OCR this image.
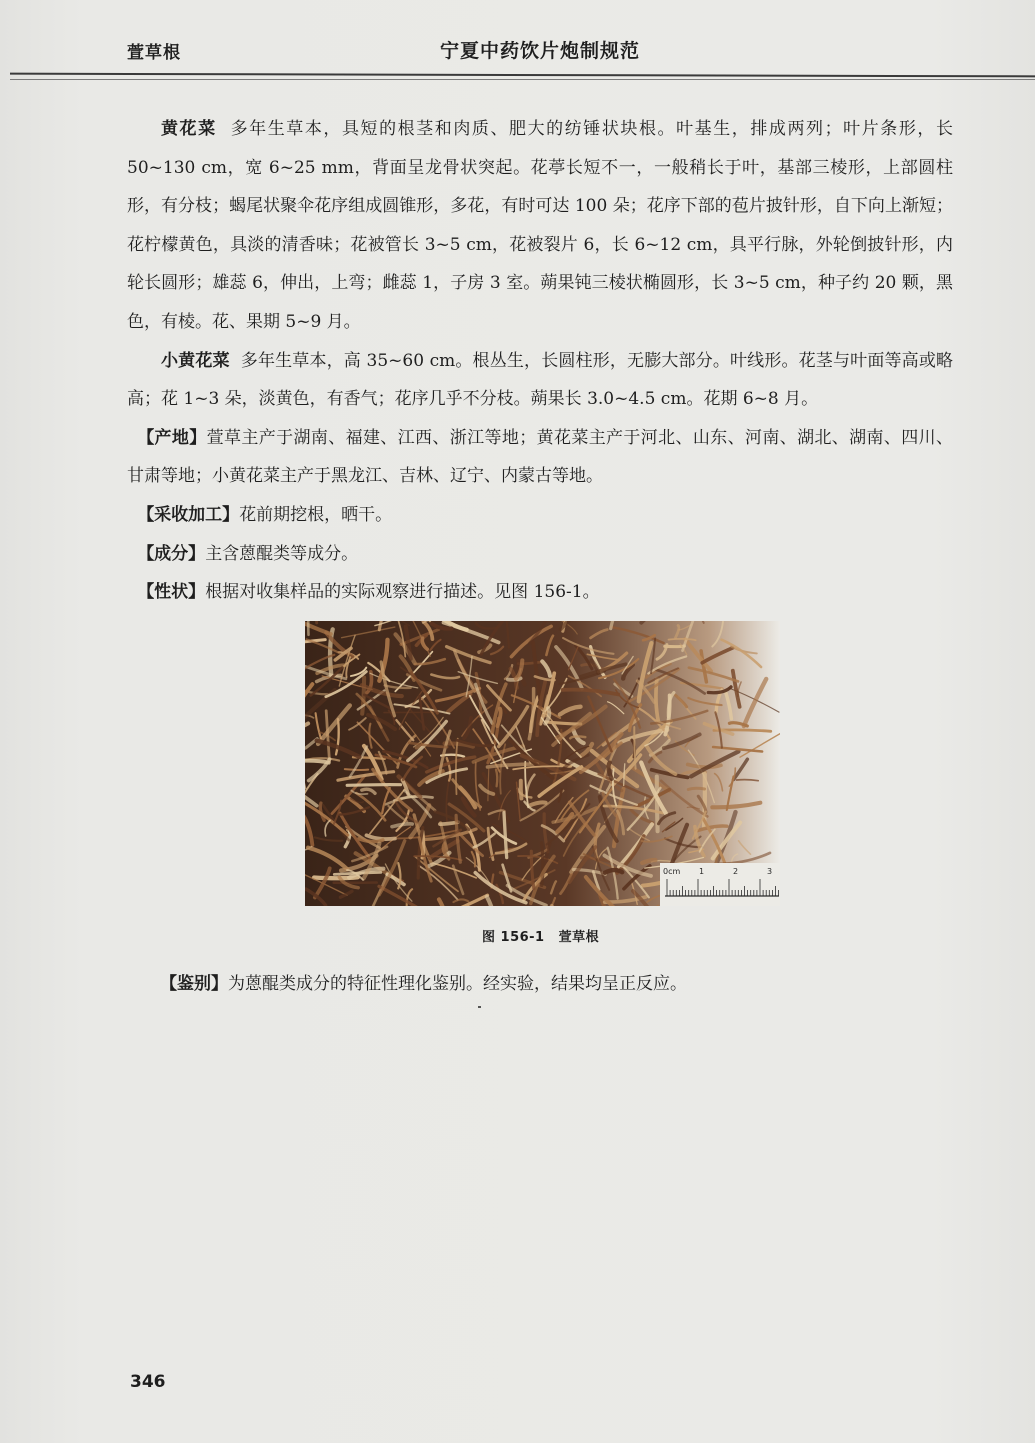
萱草根	宁夏中药饮片炮制规范

黄花菜 多年生草本，具短的根茎和肉质、肥大的纺锤状块根。叶基生，排成两列；叶片条形，长50~130 cm，宽 6~25 mm，背面呈龙骨状突起。花葶长短不一，一般稍长于叶，基部三棱形，上部圆柱形，有分枝；蝎尾状聚伞花序组成圆锥形，多花，有时可达 100 朵；花序下部的苞片披针形，自下向上渐短；花柠檬黄色，具淡的清香味；花被管长 3~5 cm，花被裂片 6，长 6~12 cm，具平行脉，外轮倒披针形，内轮长圆形；雄蕊 6，伸出，上弯；雌蕊 1，子房 3 室。蒴果钝三棱状椭圆形，长 3~5 cm，种子约 20 颗，黑色，有棱。花、果期 5~9 月。

小黄花菜 多年生草本，高 35~60 cm。根丛生，长圆柱形，无膨大部分。叶线形。花茎与叶面等高或略高；花 1~3 朵，淡黄色，有香气；花序几乎不分枝。蒴果长 3.0~4.5 cm。花期 6~8 月。

【产地】萱草主产于湖南、福建、江西、浙江等地；黄花菜主产于河北、山东、河南、湖北、湖南、四川、甘肃等地；小黄花菜主产于黑龙江、吉林、辽宁、内蒙古等地。

【采收加工】花前期挖根，晒干。

【成分】主含蒽醌类等成分。

【性状】根据对收集样品的实际观察进行描述。见图 156-1。

0cm 1	2	3
图 156-1 萱草根
【鉴别】为蒽醌类成分的特征性理化鉴别。经实验，结果均呈正反应。
346
